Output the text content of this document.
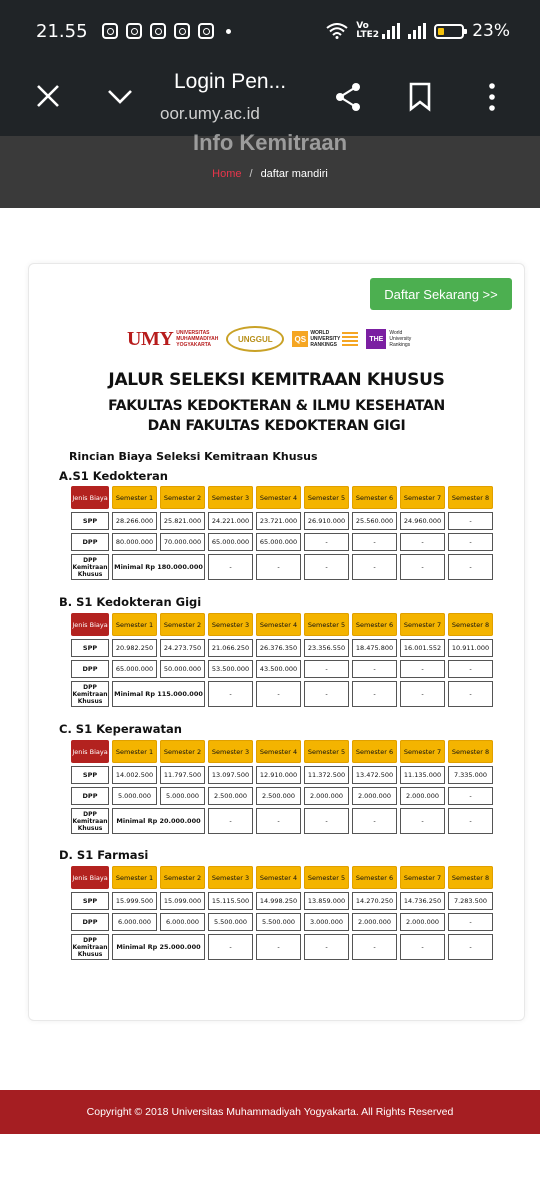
21.55	Vo LTE2	23%
Login Pen...
oor.umy.ac.id
Info Kemitraan
Home / daftar mandiri
Daftar Sekarang >>
UMY UNIVERSITAS
MUHAMMADIYAH
YOGYAKARTA
UNGGUL	QS
WORLD
UNIVERSITY
RANKINGS
THE
World
University
Rankings
JALUR SELEKSI KEMITRAAN KHUSUS
FAKULTAS KEDOKTERAN & ILMU KESEHATAN
DAN FAKULTAS KEDOKTERAN GIGI
Rincian Biaya Seleksi Kemitraan Khusus
A.S1 Kedokteran
Jenis Biaya	Semester 1	Semester 2	Semester 3	Semester 4	Semester 5	Semester 6	Semester 7	Semester 8
SPP	28.266.000	25.821.000	24.221.000	23.721.000	26.910.000	25.560.000	24.960.000	-
DPP	80.000.000	70.000.000	65.000.000	65.000.000	-	-	-	-
DPP Kemitraan Khusus	Minimal Rp 180.000.000		-	-	-	-	-	-
B. S1 Kedokteran Gigi
Jenis Biaya	Semester 1	Semester 2	Semester 3	Semester 4	Semester 5	Semester 6	Semester 7	Semester 8
SPP	20.982.250	24.273.750	21.066.250	26.376.350	23.356.550	18.475.800	16.001.552	10.911.000
DPP	65.000.000	50.000.000	53.500.000	43.500.000	-	-	-	-
DPP Kemitraan Khusus	Minimal Rp 115.000.000		-	-	-	-	-	-
C. S1 Keperawatan
Jenis Biaya	Semester 1	Semester 2	Semester 3	Semester 4	Semester 5	Semester 6	Semester 7	Semester 8
SPP	14.002.500	11.797.500	13.097.500	12.910.000	11.372.500	13.472.500	11.135.000	7.335.000
DPP	5.000.000	5.000.000	2.500.000	2.500.000	2.000.000	2.000.000	2.000.000	-
DPP Kemitraan Khusus	Minimal Rp 20.000.000		-	-	-	-	-	-
D. S1 Farmasi
Jenis Biaya	Semester 1	Semester 2	Semester 3	Semester 4	Semester 5	Semester 6	Semester 7	Semester 8
SPP	15.999.500	15.099.000	15.115.500	14.998.250	13.859.000	14.270.250	14.736.250	7.283.500
DPP	6.000.000	6.000.000	5.500.000	5.500.000	3.000.000	2.000.000	2.000.000	-
DPP Kemitraan Khusus	Minimal Rp 25.000.000		-	-	-	-	-	-
Copyright © 2018 Universitas Muhammadiyah Yogyakarta. All Rights Reserved
